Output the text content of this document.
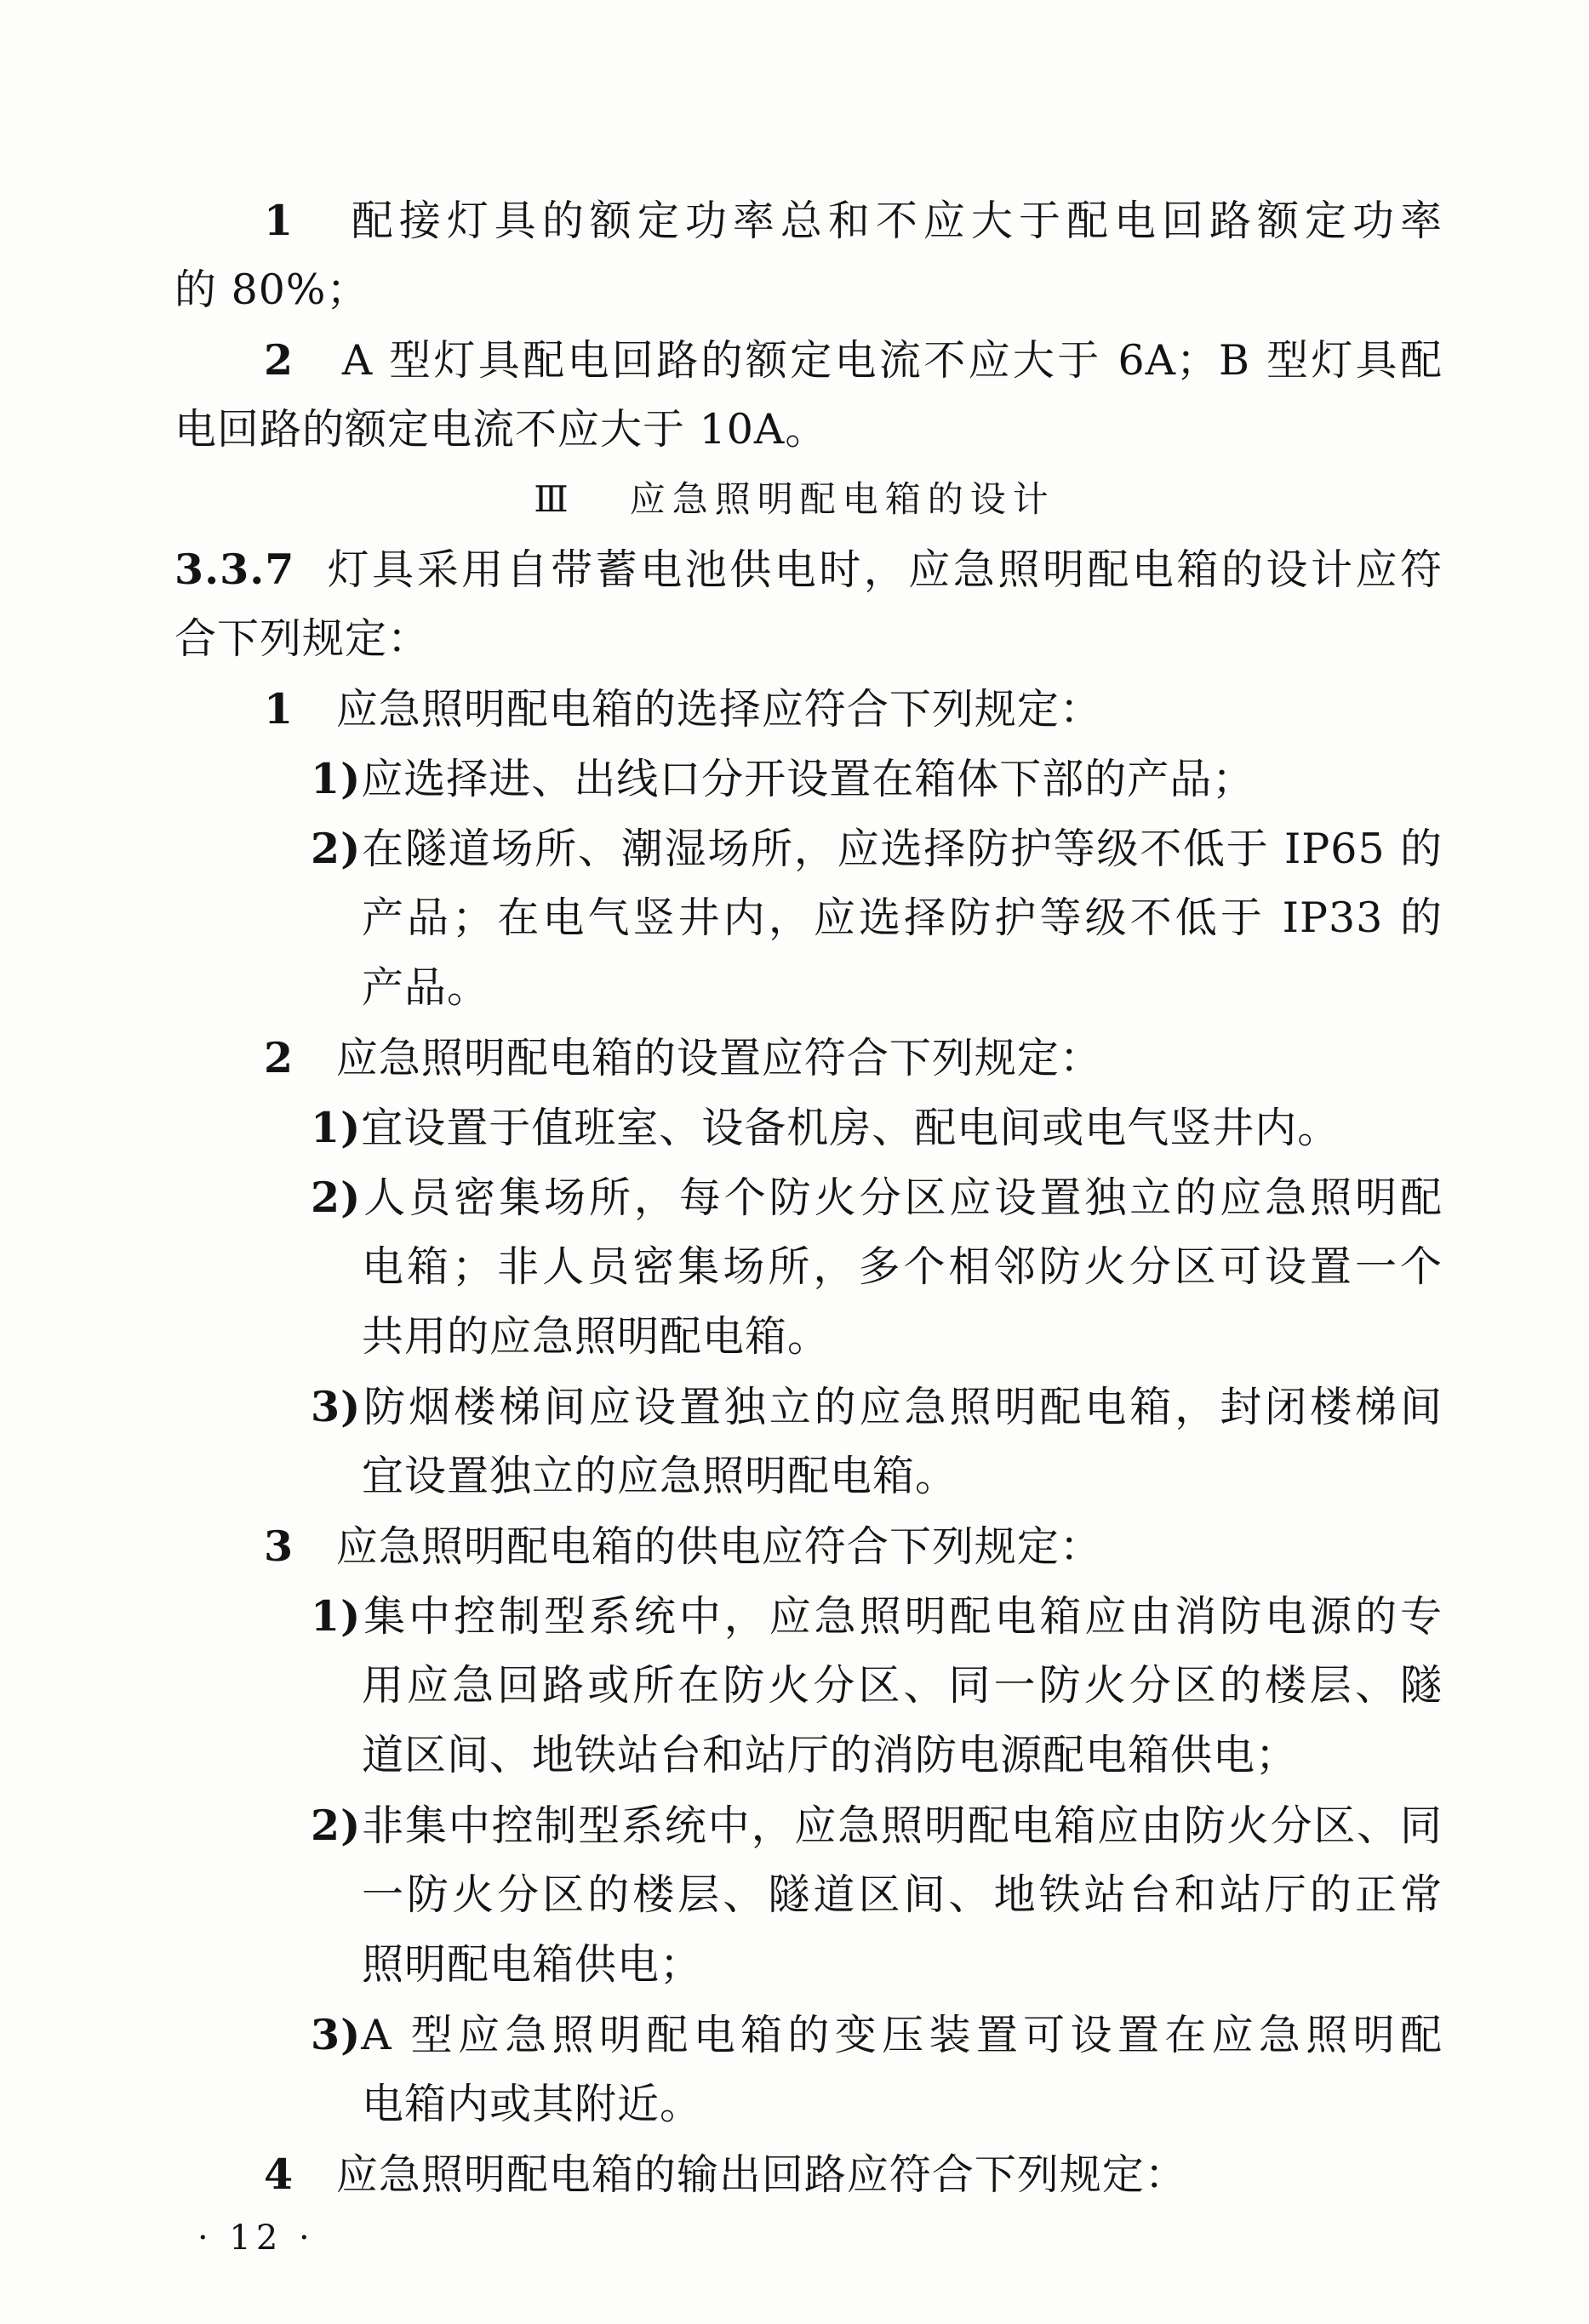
1 配接灯具的额定功率总和不应大于配电回路额定功率
的 80%；
2 A 型灯具配电回路的额定电流不应大于 6A；B 型灯具配
电回路的额定电流不应大于 10A。
Ⅲ 应急照明配电箱的设计
3.3.7 灯具采用自带蓄电池供电时，应急照明配电箱的设计应符
合下列规定：
1 应急照明配电箱的选择应符合下列规定：
1)应选择进、出线口分开设置在箱体下部的产品；
2)在隧道场所、潮湿场所，应选择防护等级不低于 IP65 的
产品；在电气竖井内，应选择防护等级不低于 IP33 的
产品。
2 应急照明配电箱的设置应符合下列规定：
1)宜设置于值班室、设备机房、配电间或电气竖井内。
2)人员密集场所，每个防火分区应设置独立的应急照明配
电箱；非人员密集场所，多个相邻防火分区可设置一个
共用的应急照明配电箱。
3)防烟楼梯间应设置独立的应急照明配电箱，封闭楼梯间
宜设置独立的应急照明配电箱。
3 应急照明配电箱的供电应符合下列规定：
1)集中控制型系统中，应急照明配电箱应由消防电源的专
用应急回路或所在防火分区、同一防火分区的楼层、隧
道区间、地铁站台和站厅的消防电源配电箱供电；
2)非集中控制型系统中，应急照明配电箱应由防火分区、同
一防火分区的楼层、隧道区间、地铁站台和站厅的正常
照明配电箱供电；
3)A 型应急照明配电箱的变压装置可设置在应急照明配
电箱内或其附近。
4 应急照明配电箱的输出回路应符合下列规定：
· 12 ·
